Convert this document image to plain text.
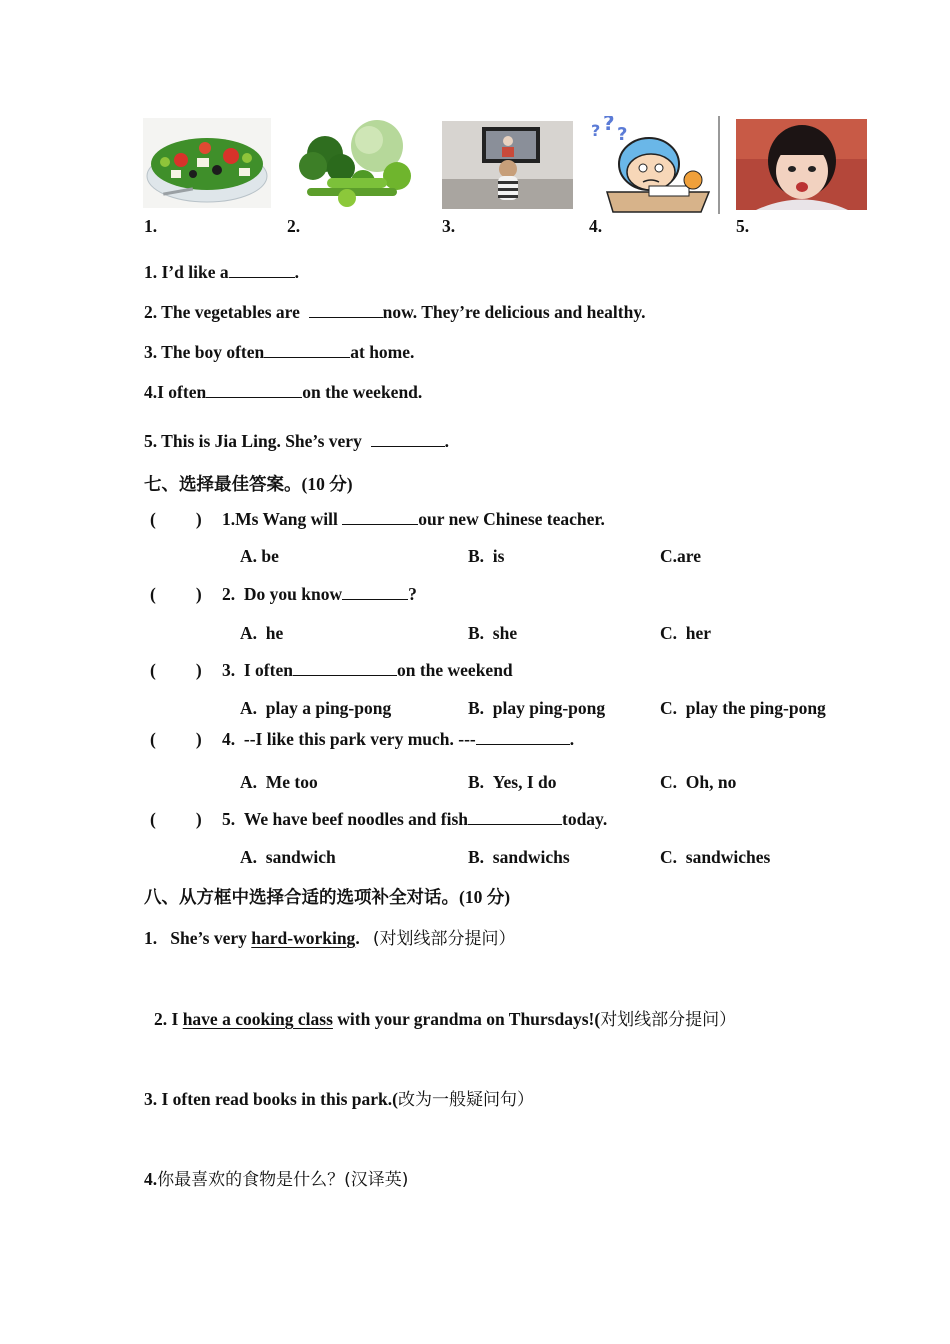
? ? ?
1.	2.	3.	4.	5.
1. I’d like a	.
2. The vegetables are	now. They’re delicious and healthy.
3. The boy often	at home.
4.I often	on the weekend.
5. This is Jia Ling. She’s very	.
七、选择最佳答案。(10 分)
( ) 1.Ms Wang will	our new Chinese teacher.
A. be	B.  is	C.are
( ) 2.  Do you know	?
A.  he	B.  she	C.  her
( ) 3.  I often	on the weekend
A.  play a ping-pong	B.  play ping-pong	C.  play the ping-pong
( ) 4.  --I like this park very much. ---	.
A.  Me too	B.  Yes, I do	C.  Oh, no
( ) 5.  We have beef noodles and fish	today.
A.  sandwich	B.  sandwichs	C.  sandwiches
八、从方框中选择合适的选项补全对话。(10 分)
1.   She’s very hard-working. (对划线部分提问）
2. I have a cooking class with your grandma on Thursdays!(对划线部分提问）
3. I often read books in this park.(改为一般疑问句）
4.你最喜欢的食物是什么？(汉译英)
